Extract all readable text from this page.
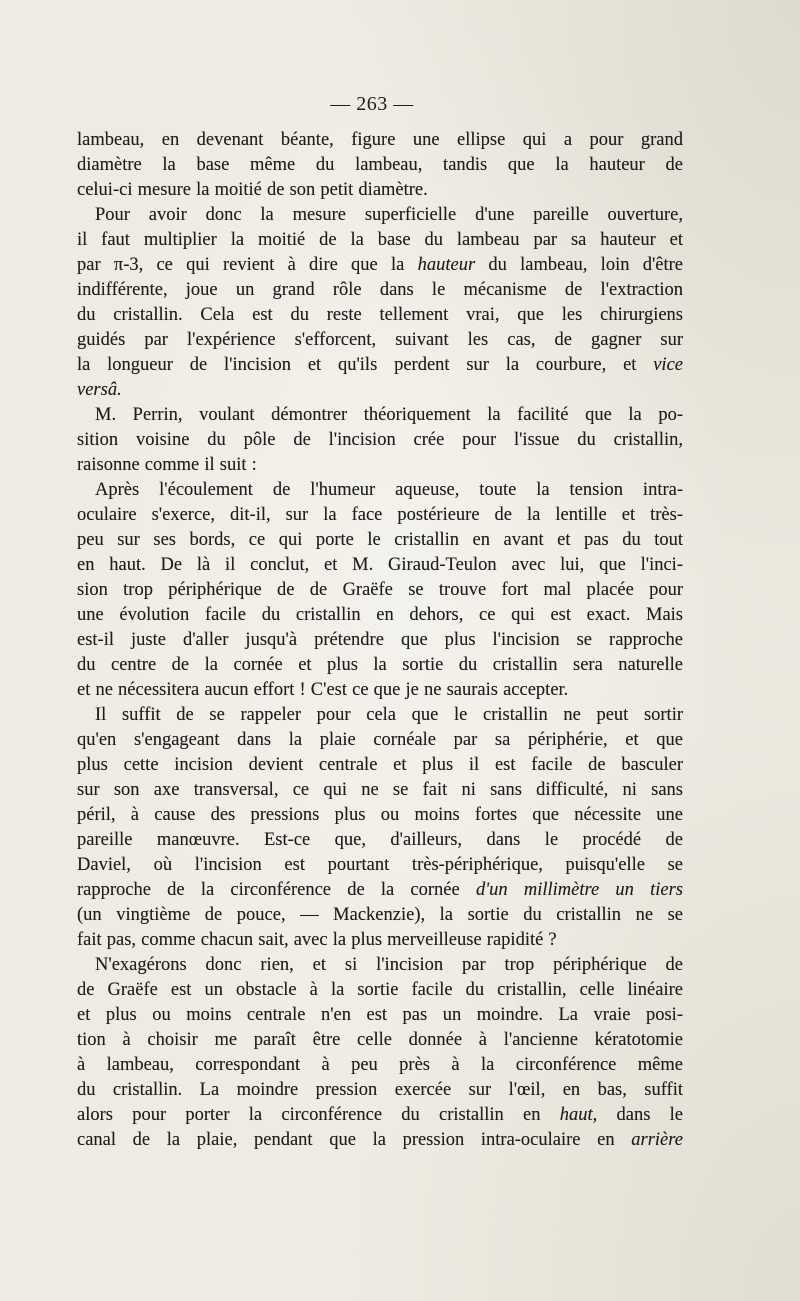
— 263 —
lambeau, en devenant béante, figure une ellipse qui a pour grand
diamètre la base même du lambeau, tandis que la hauteur de
celui-ci mesure la moitié de son petit diamètre.
Pour avoir donc la mesure superficielle d'une pareille ouverture,
il faut multiplier la moitié de la base du lambeau par sa hauteur et
par π-3, ce qui revient à dire que la hauteur du lambeau, loin d'être
indifférente, joue un grand rôle dans le mécanisme de l'extraction
du cristallin. Cela est du reste tellement vrai, que les chirurgiens
guidés par l'expérience s'efforcent, suivant les cas, de gagner sur
la longueur de l'incision et qu'ils perdent sur la courbure, et vice
versâ.
M. Perrin, voulant démontrer théoriquement la facilité que la po-
sition voisine du pôle de l'incision crée pour l'issue du cristallin,
raisonne comme il suit :
Après l'écoulement de l'humeur aqueuse, toute la tension intra-
oculaire s'exerce, dit-il, sur la face postérieure de la lentille et très-
peu sur ses bords, ce qui porte le cristallin en avant et pas du tout
en haut. De là il conclut, et M. Giraud-Teulon avec lui, que l'inci-
sion trop périphérique de de Graëfe se trouve fort mal placée pour
une évolution facile du cristallin en dehors, ce qui est exact. Mais
est-il juste d'aller jusqu'à prétendre que plus l'incision se rapproche
du centre de la cornée et plus la sortie du cristallin sera naturelle
et ne nécessitera aucun effort ! C'est ce que je ne saurais accepter.
Il suffit de se rappeler pour cela que le cristallin ne peut sortir
qu'en s'engageant dans la plaie cornéale par sa périphérie, et que
plus cette incision devient centrale et plus il est facile de basculer
sur son axe transversal, ce qui ne se fait ni sans difficulté, ni sans
péril, à cause des pressions plus ou moins fortes que nécessite une
pareille manœuvre. Est-ce que, d'ailleurs, dans le procédé de
Daviel, où l'incision est pourtant très-périphérique, puisqu'elle se
rapproche de la circonférence de la cornée d'un millimètre un tiers
(un vingtième de pouce, — Mackenzie), la sortie du cristallin ne se
fait pas, comme chacun sait, avec la plus merveilleuse rapidité ?
N'exagérons donc rien, et si l'incision par trop périphérique de
de Graëfe est un obstacle à la sortie facile du cristallin, celle linéaire
et plus ou moins centrale n'en est pas un moindre. La vraie posi-
tion à choisir me paraît être celle donnée à l'ancienne kératotomie
à lambeau, correspondant à peu près à la circonférence même
du cristallin. La moindre pression exercée sur l'œil, en bas, suffit
alors pour porter la circonférence du cristallin en haut, dans le
canal de la plaie, pendant que la pression intra-oculaire en arrière
